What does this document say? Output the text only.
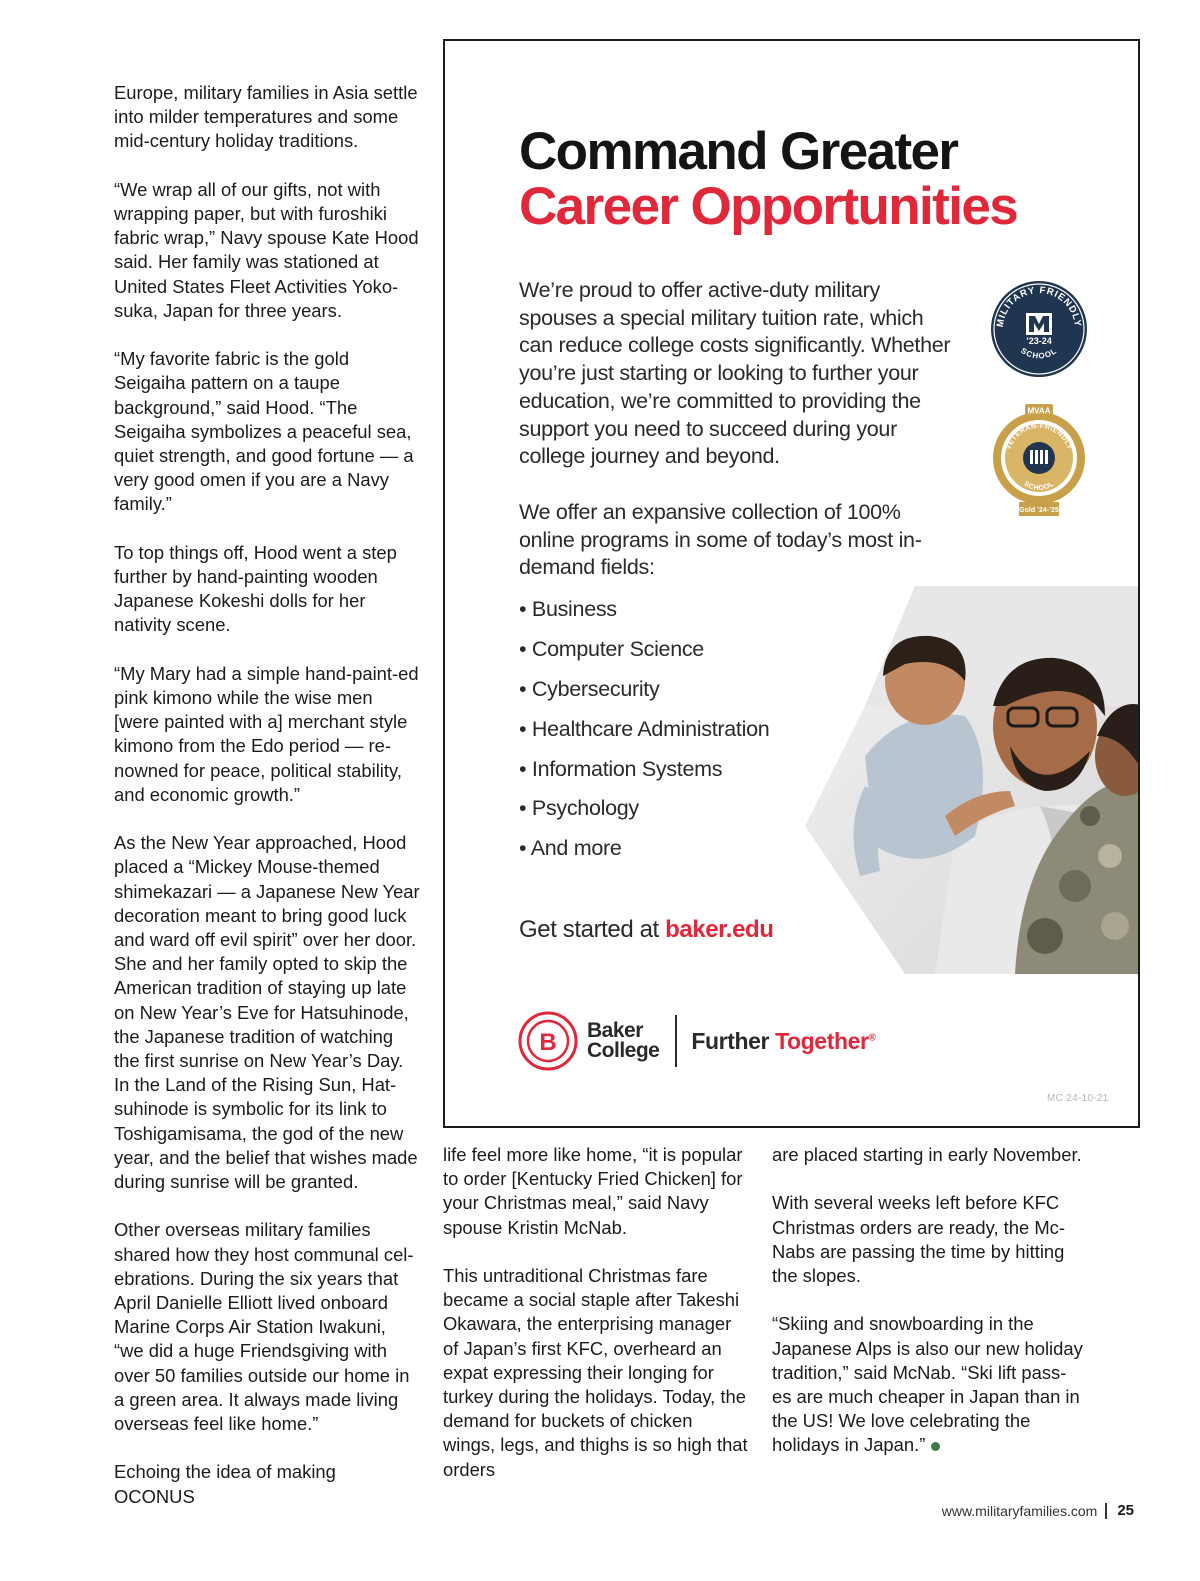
Europe, military families in Asia settle into milder temperatures and some mid-century holiday traditions.

“We wrap all of our gifts, not with wrapping paper, but with furoshiki fabric wrap,” Navy spouse Kate Hood said. Her family was stationed at United States Fleet Activities Yoko-suka, Japan for three years.

“My favorite fabric is the gold Seigaiha pattern on a taupe background,” said Hood. “The Seigaiha symbolizes a peaceful sea, quiet strength, and good fortune — a very good omen if you are a Navy family.”

To top things off, Hood went a step further by hand-painting wooden Japanese Kokeshi dolls for her nativity scene.

“My Mary had a simple hand-paint-ed pink kimono while the wise men [were painted with a] merchant style kimono from the Edo period — re-nowned for peace, political stability, and economic growth.”

As the New Year approached, Hood placed a “Mickey Mouse-themed shimekazari — a Japanese New Year decoration meant to bring good luck and ward off evil spirit” over her door. She and her family opted to skip the American tradition of staying up late on New Year’s Eve for Hatsuhinode, the Japanese tradition of watching the first sunrise on New Year’s Day. In the Land of the Rising Sun, Hat-suhinode is symbolic for its link to Toshigamisama, the god of the new year, and the belief that wishes made during sunrise will be granted.

Other overseas military families shared how they host communal cel-ebrations. During the six years that April Danielle Elliott lived onboard Marine Corps Air Station Iwakuni, “we did a huge Friendsgiving with over 50 families outside our home in a green area. It always made living overseas feel like home.”

Echoing the idea of making OCONUS

Command Greater
Career Opportunities
We’re proud to offer active-duty military spouses a special military tuition rate, which can reduce college costs significantly. Whether you’re just starting or looking to further your education, we’re committed to providing the support you need to succeed during your college journey and beyond.
MILITARY FRIENDLY
’23-24
SCHOOL
MVAA
VETERAN-FRIENDLY
SCHOOL
Gold ’24-’25
We offer an expansive collection of 100% online programs in some of today’s most in-demand fields:
• Business
• Computer Science
• Cybersecurity
• Healthcare Administration
• Information Systems
• Psychology
• And more
Get started at baker.edu
B Baker
College Further Together®
MC 24-10-21

life feel more like home, “it is popular to order [Kentucky Fried Chicken] for your Christmas meal,” said Navy spouse Kristin McNab.

This untraditional Christmas fare became a social staple after Takeshi Okawara, the enterprising manager of Japan’s first KFC, overheard an expat expressing their longing for turkey during the holidays. Today, the demand for buckets of chicken wings, legs, and thighs is so high that orders

are placed starting in early November.

With several weeks left before KFC Christmas orders are ready, the Mc-Nabs are passing the time by hitting the slopes.

“Skiing and snowboarding in the Japanese Alps is also our new holiday tradition,” said McNab. “Ski lift pass-es are much cheaper in Japan than in the US! We love celebrating the holidays in Japan.”

www.militaryfamilies.com 25
